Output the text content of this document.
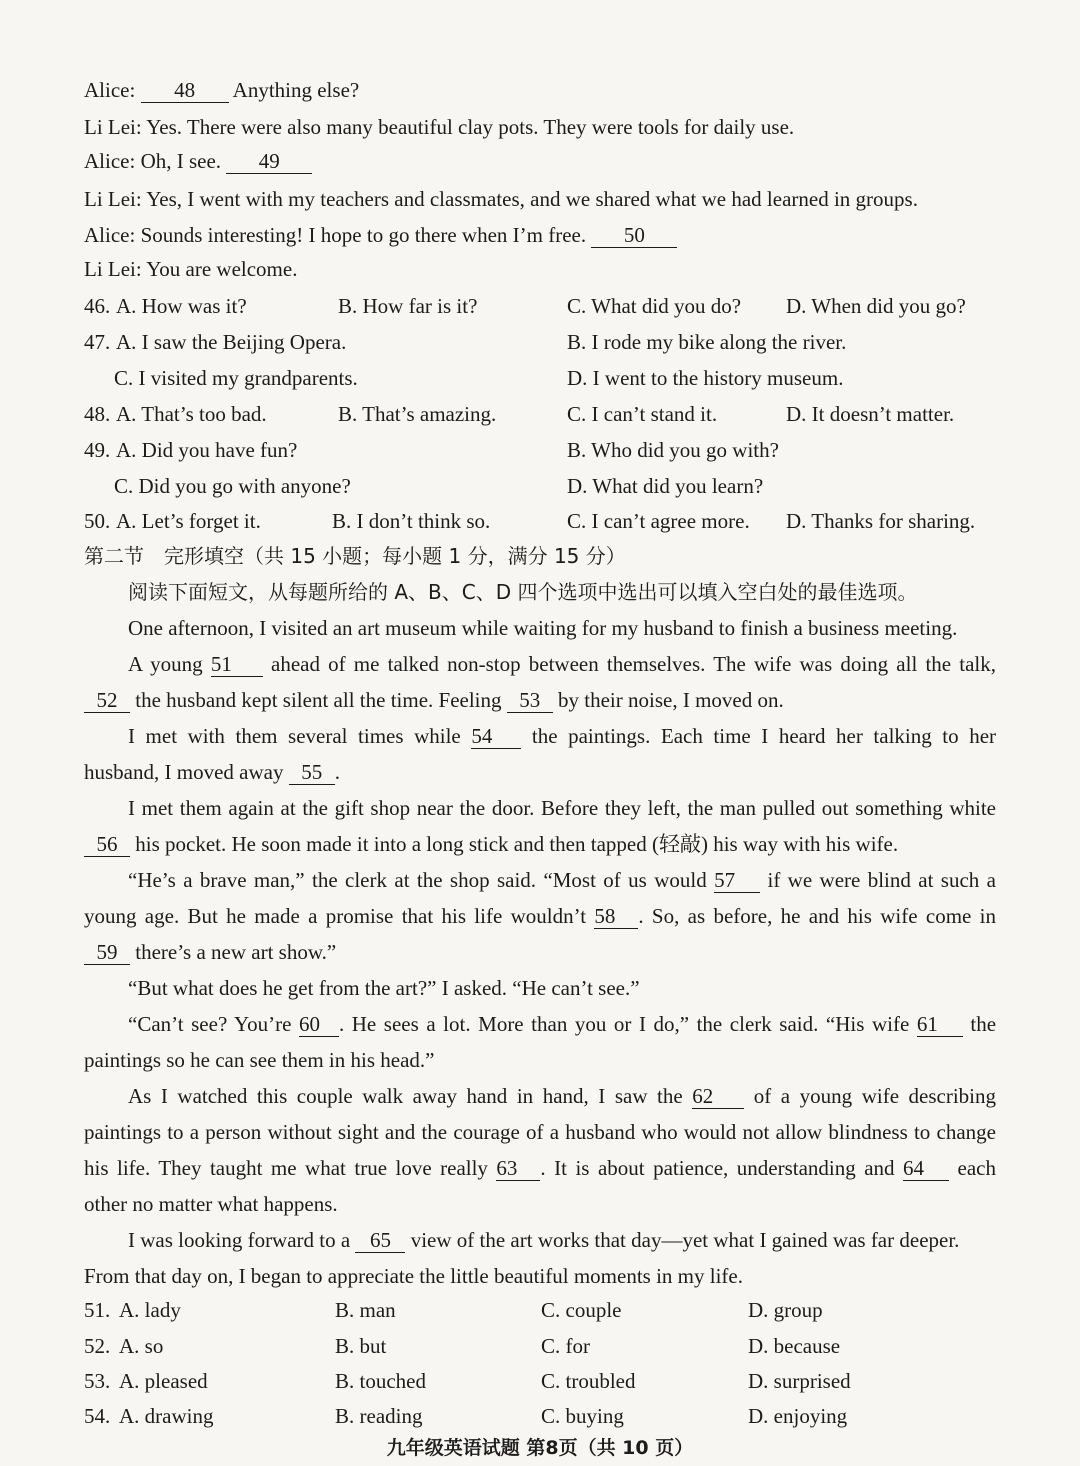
Alice: 48 Anything else?
Li Lei: Yes. There were also many beautiful clay pots. They were tools for daily use.
Alice: Oh, I see. 49
Li Lei: Yes, I went with my teachers and classmates, and we shared what we had learned in groups.
Alice: Sounds interesting! I hope to go there when I’m free. 50
Li Lei: You are welcome.
46. A. How was it?	B. How far is it?	C. What did you do? D. When did you go?
47. A. I saw the Beijing Opera.	B. I rode my bike along the river.
C. I visited my grandparents.	D. I went to the history museum.
48. A. That’s too bad.	B. That’s amazing.	C. I can’t stand it.	D. It doesn’t matter.
49. A. Did you have fun?	B. Who did you go with?
C. Did you go with anyone?	D. What did you learn?
50. A. Let’s forget it.	B. I don’t think so.	C. I can’t agree more. D. Thanks for sharing.
第二节　完形填空（共 15 小题；每小题 1 分，满分 15 分）
阅读下面短文，从每题所给的 A、B、C、D 四个选项中选出可以填入空白处的最佳选项。
One afternoon, I visited an art museum while waiting for my husband to finish a business meeting.
A young 51 ahead of me talked non-stop between themselves. The wife was doing all the talk,
52 the husband kept silent all the time. Feeling 53 by their noise, I moved on.
I met with them several times while 54 the paintings. Each time I heard her talking to her
husband, I moved away 55 .
I met them again at the gift shop near the door. Before they left, the man pulled out something white
56 his pocket. He soon made it into a long stick and then tapped (轻敲) his way with his wife.
“He’s a brave man,” the clerk at the shop said. “Most of us would 57 if we were blind at such a
young age. But he made a promise that his life wouldn’t 58 . So, as before, he and his wife come in
59 there’s a new art show.”
“But what does he get from the art?” I asked. “He can’t see.”
“Can’t see? You’re 60 . He sees a lot. More than you or I do,” the clerk said. “His wife 61 the
paintings so he can see them in his head.”
As I watched this couple walk away hand in hand, I saw the 62 of a young wife describing
paintings to a person without sight and the courage of a husband who would not allow blindness to change
his life. They taught me what true love really 63 . It is about patience, understanding and 64 each
other no matter what happens.
I was looking forward to a 65 view of the art works that day—yet what I gained was far deeper.
From that day on, I began to appreciate the little beautiful moments in my life.
51. A. lady	B. man	C. couple	D. group
52. A. so	B. but	C. for	D. because
53. A. pleased	B. touched	C. troubled	D. surprised
54. A. drawing	B. reading	C. buying	D. enjoying
九年级英语试题 第8页（共 10 页）
